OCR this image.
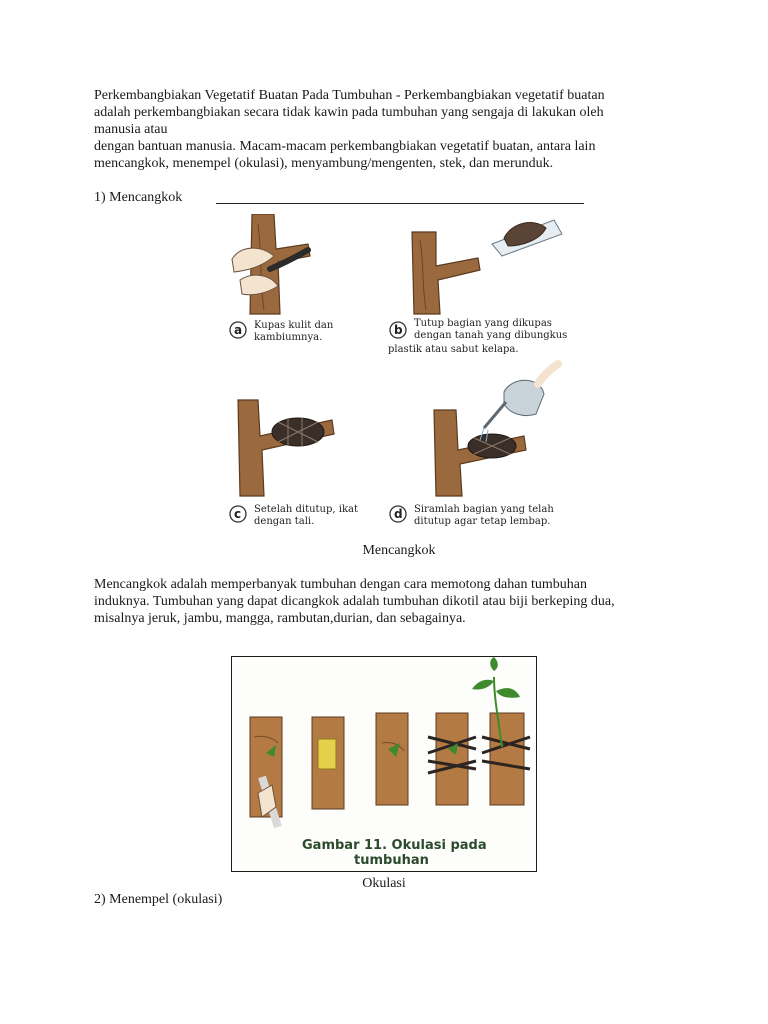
Perkembangbiakan Vegetatif Buatan Pada Tumbuhan - Perkembangbiakan vegetatif buatan
adalah perkembangbiakan secara tidak kawin pada tumbuhan yang sengaja di lakukan oleh
manusia atau
dengan bantuan manusia. Macam-macam perkembangbiakan vegetatif buatan, antara lain
mencangkok, menempel (okulasi), menyambung/mengenten, stek, dan merunduk.

1) Mencangkok
a Kupas kulit dan
kambiumnya.
b Tutup bagian yang dikupas
dengan tanah yang dibungkus
plastik atau sabut kelapa.
c Setelah ditutup, ikat
dengan tali.
d Siramlah bagian yang telah
ditutup agar tetap lembap.
Mencangkok

Mencangkok adalah memperbanyak tumbuhan dengan cara memotong dahan tumbuhan
induknya. Tumbuhan yang dapat dicangkok adalah tumbuhan dikotil atau biji berkeping dua,
misalnya jeruk, jambu, mangga, rambutan,durian, dan sebagainya.

Gambar 11. Okulasi pada
tumbuhan
Okulasi
2) Menempel (okulasi)
